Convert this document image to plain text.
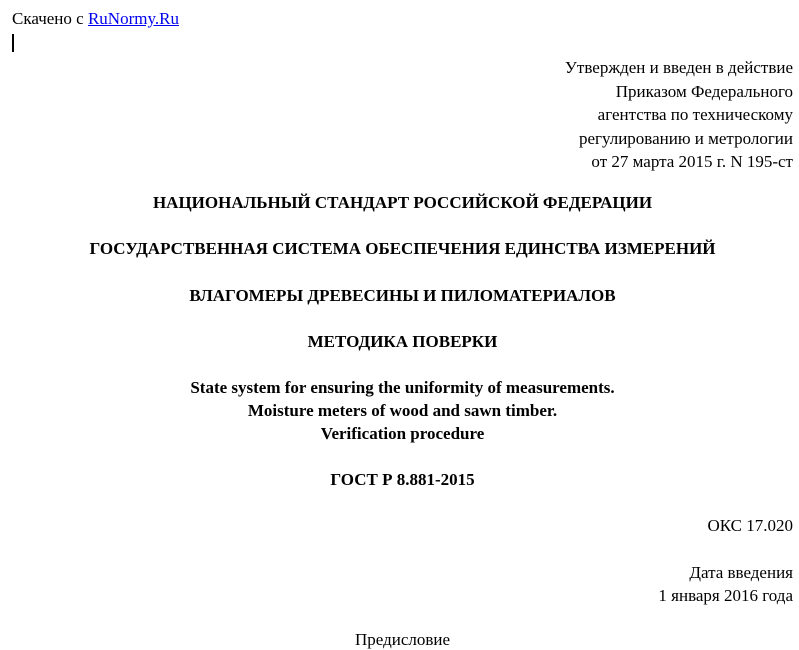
Скачено с RuNormy.Ru
Утвержден и введен в действие
Приказом Федерального
агентства по техническому
регулированию и метрологии
от 27 марта 2015 г. N 195-ст
НАЦИОНАЛЬНЫЙ СТАНДАРТ РОССИЙСКОЙ ФЕДЕРАЦИИ
ГОСУДАРСТВЕННАЯ СИСТЕМА ОБЕСПЕЧЕНИЯ ЕДИНСТВА ИЗМЕРЕНИЙ
ВЛАГОМЕРЫ ДРЕВЕСИНЫ И ПИЛОМАТЕРИАЛОВ
МЕТОДИКА ПОВЕРКИ
State system for ensuring the uniformity of measurements.
Moisture meters of wood and sawn timber.
Verification procedure
ГОСТ Р 8.881-2015
ОКС 17.020
Дата введения
1 января 2016 года
Предисловие
